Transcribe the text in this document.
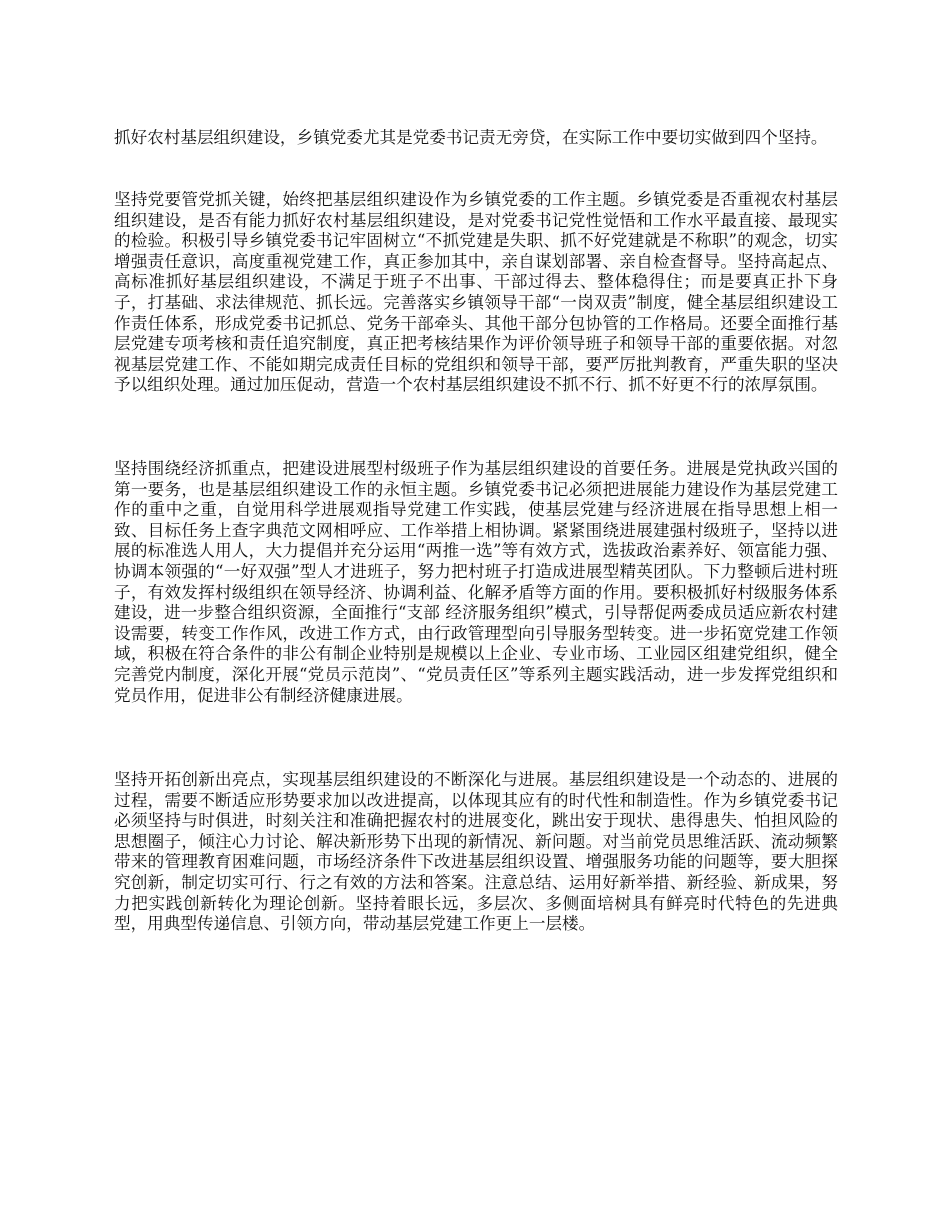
抓好农村基层组织建设，乡镇党委尤其是党委书记责无旁贷，在实际工作中要切实做到四个坚持。

坚持党要管党抓关键，始终把基层组织建设作为乡镇党委的工作主题。乡镇党委是否重视农村基层组织建设，是否有能力抓好农村基层组织建设，是对党委书记党性觉悟和工作水平最直接、最现实的检验。积极引导乡镇党委书记牢固树立“不抓党建是失职、抓不好党建就是不称职”的观念，切实增强责任意识，高度重视党建工作，真正参加其中，亲自谋划部署、亲自检查督导。坚持高起点、高标准抓好基层组织建设，不满足于班子不出事、干部过得去、整体稳得住；而是要真正扑下身子，打基础、求法律规范、抓长远。完善落实乡镇领导干部“一岗双责”制度，健全基层组织建设工作责任体系，形成党委书记抓总、党务干部牵头、其他干部分包协管的工作格局。还要全面推行基层党建专项考核和责任追究制度，真正把考核结果作为评价领导班子和领导干部的重要依据。对忽视基层党建工作、不能如期完成责任目标的党组织和领导干部，要严厉批判教育，严重失职的坚决予以组织处理。通过加压促动，营造一个农村基层组织建设不抓不行、抓不好更不行的浓厚氛围。

坚持围绕经济抓重点，把建设进展型村级班子作为基层组织建设的首要任务。进展是党执政兴国的第一要务，也是基层组织建设工作的永恒主题。乡镇党委书记必须把进展能力建设作为基层党建工作的重中之重，自觉用科学进展观指导党建工作实践，使基层党建与经济进展在指导思想上相一致、目标任务上查字典范文网相呼应、工作举措上相协调。紧紧围绕进展建强村级班子，坚持以进展的标准选人用人，大力提倡并充分运用“两推一选”等有效方式，选拔政治素养好、领富能力强、协调本领强的“一好双强”型人才进班子，努力把村班子打造成进展型精英团队。下力整顿后进村班子，有效发挥村级组织在领导经济、协调利益、化解矛盾等方面的作用。要积极抓好村级服务体系建设，进一步整合组织资源，全面推行“支部 经济服务组织”模式，引导帮促两委成员适应新农村建设需要，转变工作作风，改进工作方式，由行政管理型向引导服务型转变。进一步拓宽党建工作领域，积极在符合条件的非公有制企业特别是规模以上企业、专业市场、工业园区组建党组织，健全完善党内制度，深化开展“党员示范岗”、“党员责任区”等系列主题实践活动，进一步发挥党组织和党员作用，促进非公有制经济健康进展。

坚持开拓创新出亮点，实现基层组织建设的不断深化与进展。基层组织建设是一个动态的、进展的过程，需要不断适应形势要求加以改进提高，以体现其应有的时代性和制造性。作为乡镇党委书记必须坚持与时俱进，时刻关注和准确把握农村的进展变化，跳出安于现状、患得患失、怕担风险的思想圈子，倾注心力讨论、解决新形势下出现的新情况、新问题。对当前党员思维活跃、流动频繁带来的管理教育困难问题，市场经济条件下改进基层组织设置、增强服务功能的问题等，要大胆探究创新，制定切实可行、行之有效的方法和答案。注意总结、运用好新举措、新经验、新成果，努力把实践创新转化为理论创新。坚持着眼长远，多层次、多侧面培树具有鲜亮时代特色的先进典型，用典型传递信息、引领方向，带动基层党建工作更上一层楼。
